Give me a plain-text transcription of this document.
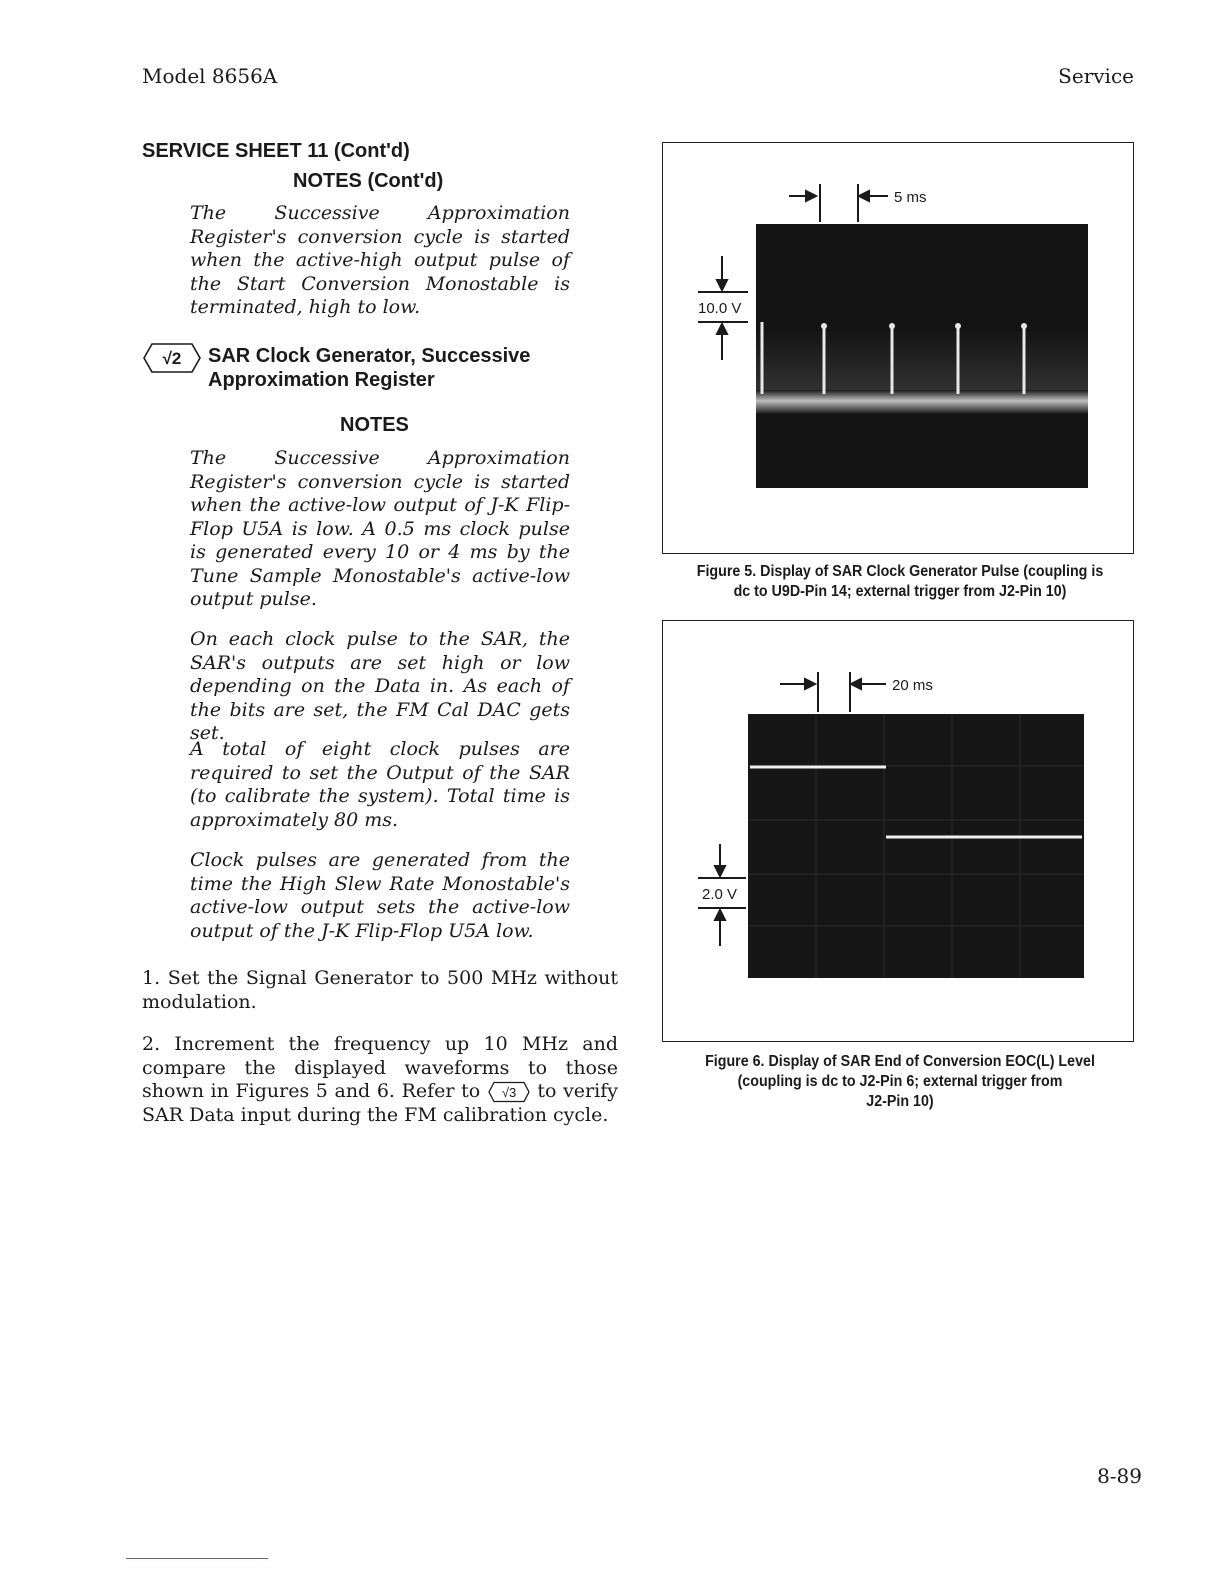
Model 8656A	Service
SERVICE SHEET 11 (Cont'd)
NOTES (Cont'd)
The Successive Approximation Register's conversion cycle is started when the active-high output pulse of the Start Conversion Monostable is terminated, high to low.
√2 SAR Clock Generator, Successive
Approximation Register
NOTES
The Successive Approximation Register's conversion cycle is started when the active-low output of J-K Flip-Flop U5A is low. A 0.5 ms clock pulse is generated every 10 or 4 ms by the Tune Sample Monostable's active-low output pulse.
On each clock pulse to the SAR, the SAR's outputs are set high or low depending on the Data in. As each of the bits are set, the FM Cal DAC gets set.
A total of eight clock pulses are required to set the Output of the SAR (to calibrate the system). Total time is approximately 80 ms.
Clock pulses are generated from the time the High Slew Rate Monostable's active-low output sets the active-low output of the J-K Flip-Flop U5A low.
1. Set the Signal Generator to 500 MHz without modulation.
2. Increment the frequency up 10 MHz and compare the displayed waveforms to those shown in Figures 5 and 6. Refer to √3 to verify SAR Data input during the FM calibration cycle.
5 ms
10.0 V
Figure 5. Display of SAR Clock Generator Pulse (coupling is
dc to U9D-Pin 14; external trigger from J2-Pin 10)
20 ms
2.0 V
Figure 6. Display of SAR End of Conversion EOC(L) Level
(coupling is dc to J2-Pin 6; external trigger from
J2-Pin 10)
8-89
